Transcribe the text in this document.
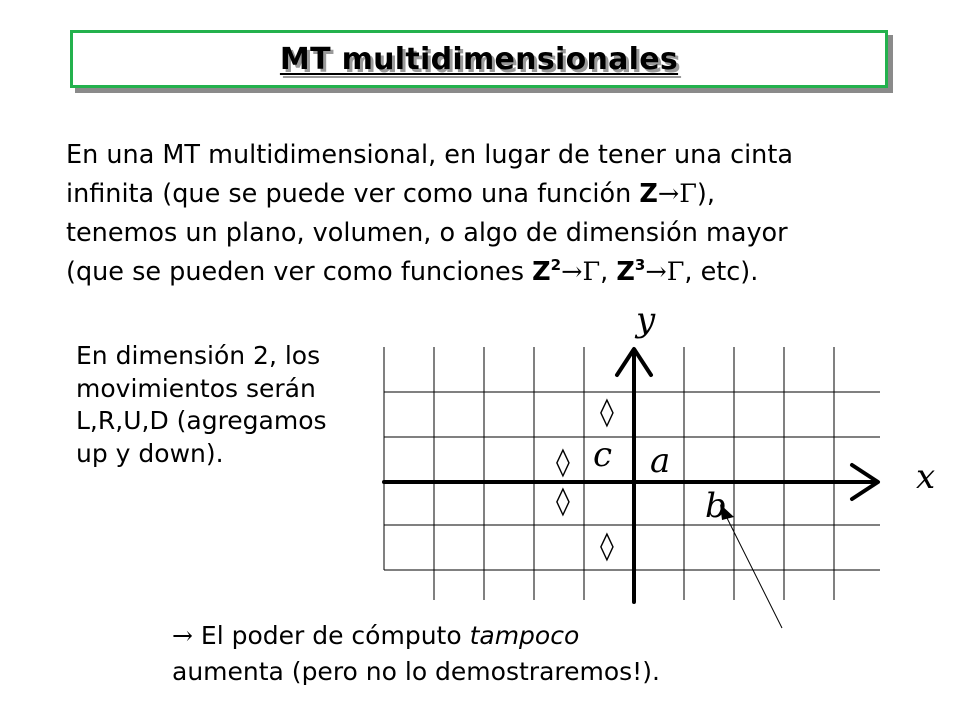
MT multidimensionales
En una MT multidimensional, en lugar de tener una cinta
infinita (que se puede ver como una función Z→Γ),
tenemos un plano, volumen, o algo de dimensión mayor
(que se pueden ver como funciones $Z^2\to\Gamma$, $Z^3\to\Gamma$, etc).
En dimensión 2, los
movimientos serán
L,R,U,D (agregamos
up y down).
y
x
◊
◊
◊
◊
c a
b
→ El poder de cómputo tampoco
aumenta (pero no lo demostraremos!).
